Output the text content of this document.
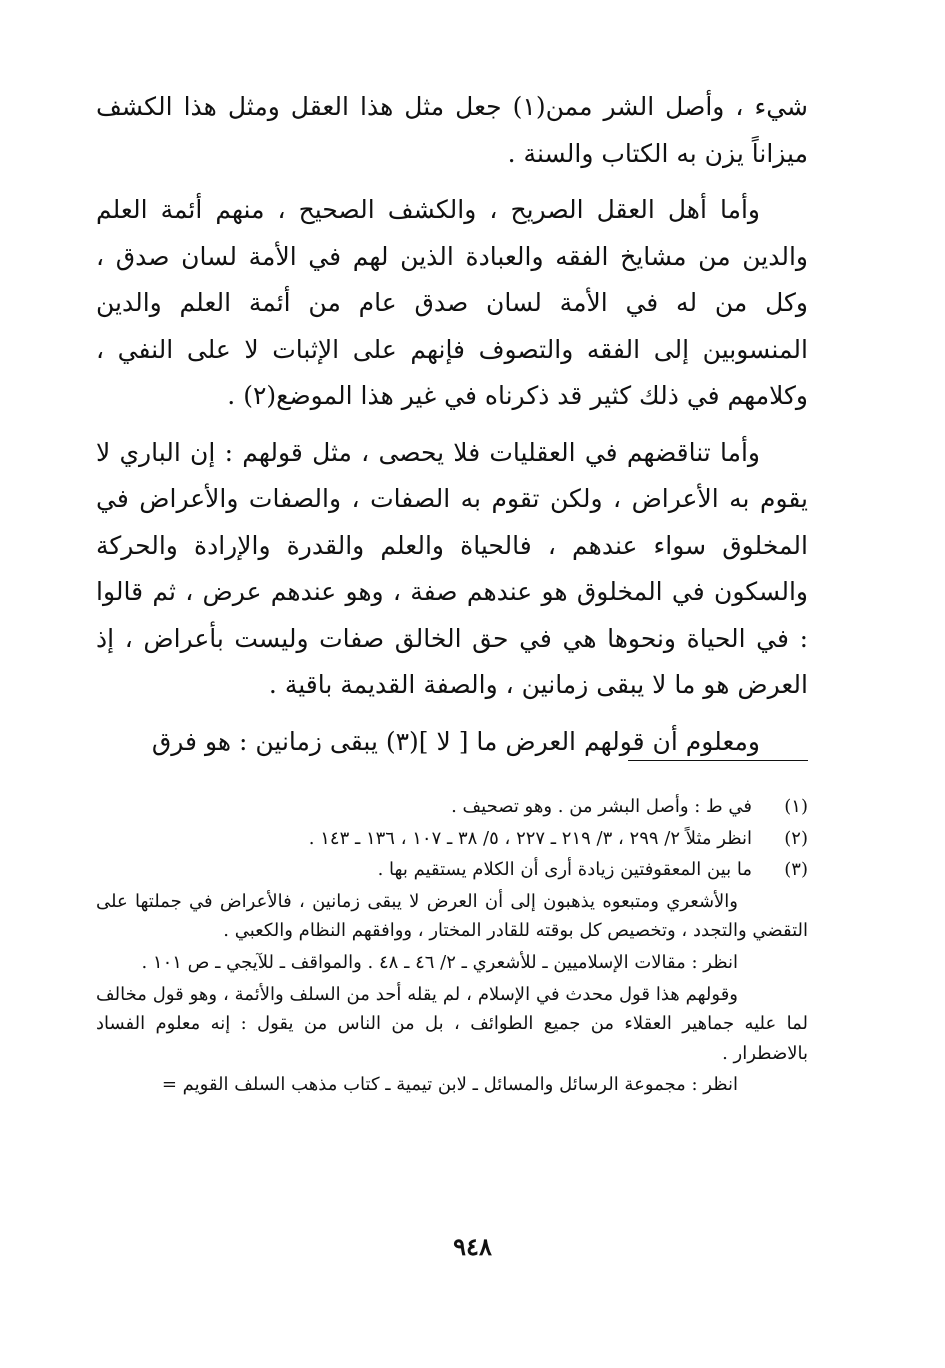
شيء ، وأصل الشر ممن(١) جعل مثل هذا العقل ومثل هذا الكشف ميزاناً يزن به الكتاب والسنة .

وأما أهل العقل الصريح ، والكشف الصحيح ، منهم أئمة العلم والدين من مشايخ الفقه والعبادة الذين لهم في الأمة لسان صدق ، وكل من له في الأمة لسان صدق عام من أئمة العلم والدين المنسوبين إلى الفقه والتصوف فإنهم على الإثبات لا على النفي ، وكلامهم في ذلك كثير قد ذكرناه في غير هذا الموضع(٢) .

وأما تناقضهم في العقليات فلا يحصى ، مثل قولهم : إن الباري لا يقوم به الأعراض ، ولكن تقوم به الصفات ، والصفات والأعراض في المخلوق سواء عندهم ، فالحياة والعلم والقدرة والإرادة والحركة والسكون في المخلوق هو عندهم صفة ، وهو عندهم عرض ، ثم قالوا : في الحياة ونحوها هي في حق الخالق صفات وليست بأعراض ، إذ العرض هو ما لا يبقى زمانين ، والصفة القديمة باقية .

ومعلوم أن قولهم العرض ما [ لا ](٣) يبقى زمانين : هو فرق

(١)

في ط : وأصل البشر من . وهو تصحيف .

(٢)

انظر مثلاً ٢/ ٢٩٩ ، ٣/ ٢١٩ ـ ٢٢٧ ، ٥/ ٣٨ ـ ١٠٧ ، ١٣٦ ـ ١٤٣ .

(٣)

ما بين المعقوفتين زيادة أرى أن الكلام يستقيم بها .

والأشعري ومتبعوه يذهبون إلى أن العرض لا يبقى زمانين ، فالأعراض في جملتها على التقضي والتجدد ، وتخصيص كل بوقته للقادر المختار ، ووافقهم النظام والكعبي .

انظر : مقالات الإسلاميين ـ للأشعري ـ ٢/ ٤٦ ـ ٤٨ . والمواقف ـ للآيجي ـ ص ١٠١ .

وقولهم هذا قول محدث في الإسلام ، لم يقله أحد من السلف والأئمة ، وهو قول مخالف لما عليه جماهير العقلاء من جميع الطوائف ، بل من الناس من يقول : إنه معلوم الفساد بالاضطرار .

انظر : مجموعة الرسائل والمسائل ـ لابن تيمية ـ كتاب مذهب السلف القويم =

٩٤٨
